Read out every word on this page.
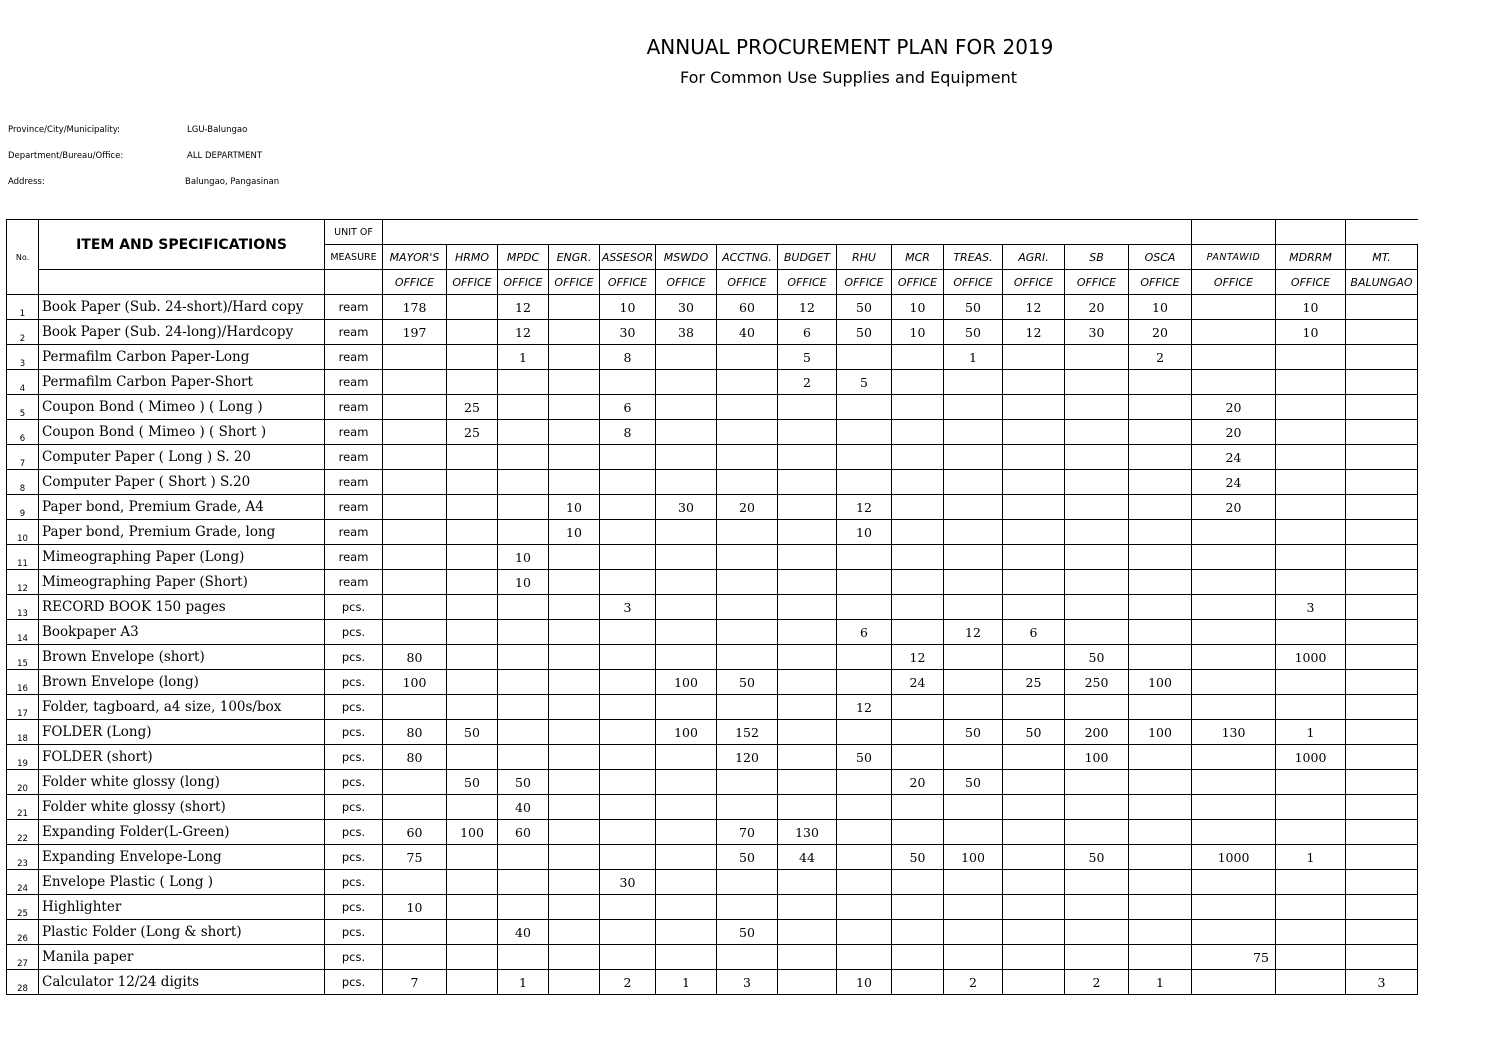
ANNUAL PROCUREMENT PLAN FOR 2019
For Common Use Supplies and Equipment
Province/City/Municipality:	LGU-Balungao
Department/Bureau/Office:	ALL DEPARTMENT
Address:	Balungao, Pangasinan
No.	ITEM AND SPECIFICATIONS	UNIT OF																	
		MEASURE	MAYOR'S	HRMO	MPDC	ENGR.	ASSESOR	MSWDO	ACCTNG.	BUDGET	RHU	MCR	TREAS.	AGRI.	SB	OSCA	PANTAWID	MDRRM	MT.
			OFFICE	OFFICE	OFFICE	OFFICE	OFFICE	OFFICE	OFFICE	OFFICE	OFFICE	OFFICE	OFFICE	OFFICE	OFFICE	OFFICE	OFFICE	OFFICE	BALUNGAO
1	Book Paper (Sub. 24-short)/Hard copy	ream	178		12		10	30	60	12	50	10	50	12	20	10		10	
2	Book Paper (Sub. 24-long)/Hardcopy	ream	197		12		30	38	40	6	50	10	50	12	30	20		10	
3	Permafilm Carbon Paper-Long	ream			1		8			5			1			2			
4	Permafilm Carbon Paper-Short	ream								2	5								
5	Coupon Bond ( Mimeo ) ( Long )	ream		25			6										20		
6	Coupon Bond ( Mimeo ) ( Short )	ream		25			8										20		
7	Computer Paper ( Long ) S. 20	ream															24		
8	Computer Paper ( Short ) S.20	ream															24		
9	Paper bond, Premium Grade, A4	ream				10		30	20		12						20		
10	Paper bond, Premium Grade, long	ream				10					10								
11	Mimeographing Paper (Long)	ream			10														
12	Mimeographing Paper (Short)	ream			10														
13	RECORD BOOK 150 pages	pcs.					3											3	
14	Bookpaper A3	pcs.									6		12	6					
15	Brown Envelope (short)	pcs.	80									12			50			1000	
16	Brown Envelope (long)	pcs.	100					100	50			24		25	250	100			
17	Folder, tagboard, a4 size, 100s/box	pcs.									12								
18	FOLDER (Long)	pcs.	80	50				100	152				50	50	200	100	130	1	
19	FOLDER (short)	pcs.	80						120		50				100			1000	
20	Folder white glossy (long)	pcs.		50	50							20	50						
21	Folder white glossy (short)	pcs.			40														
22	Expanding Folder(L-Green)	pcs.	60	100	60				70	130									
23	Expanding Envelope-Long	pcs.	75						50	44		50	100		50		1000	1	
24	Envelope Plastic ( Long )	pcs.					30												
25	Highlighter	pcs.	10																
26	Plastic Folder (Long & short)	pcs.			40				50										
27	Manila paper	pcs.															75		
28	Calculator 12/24 digits	pcs.	7		1		2	1	3		10		2		2	1			3
